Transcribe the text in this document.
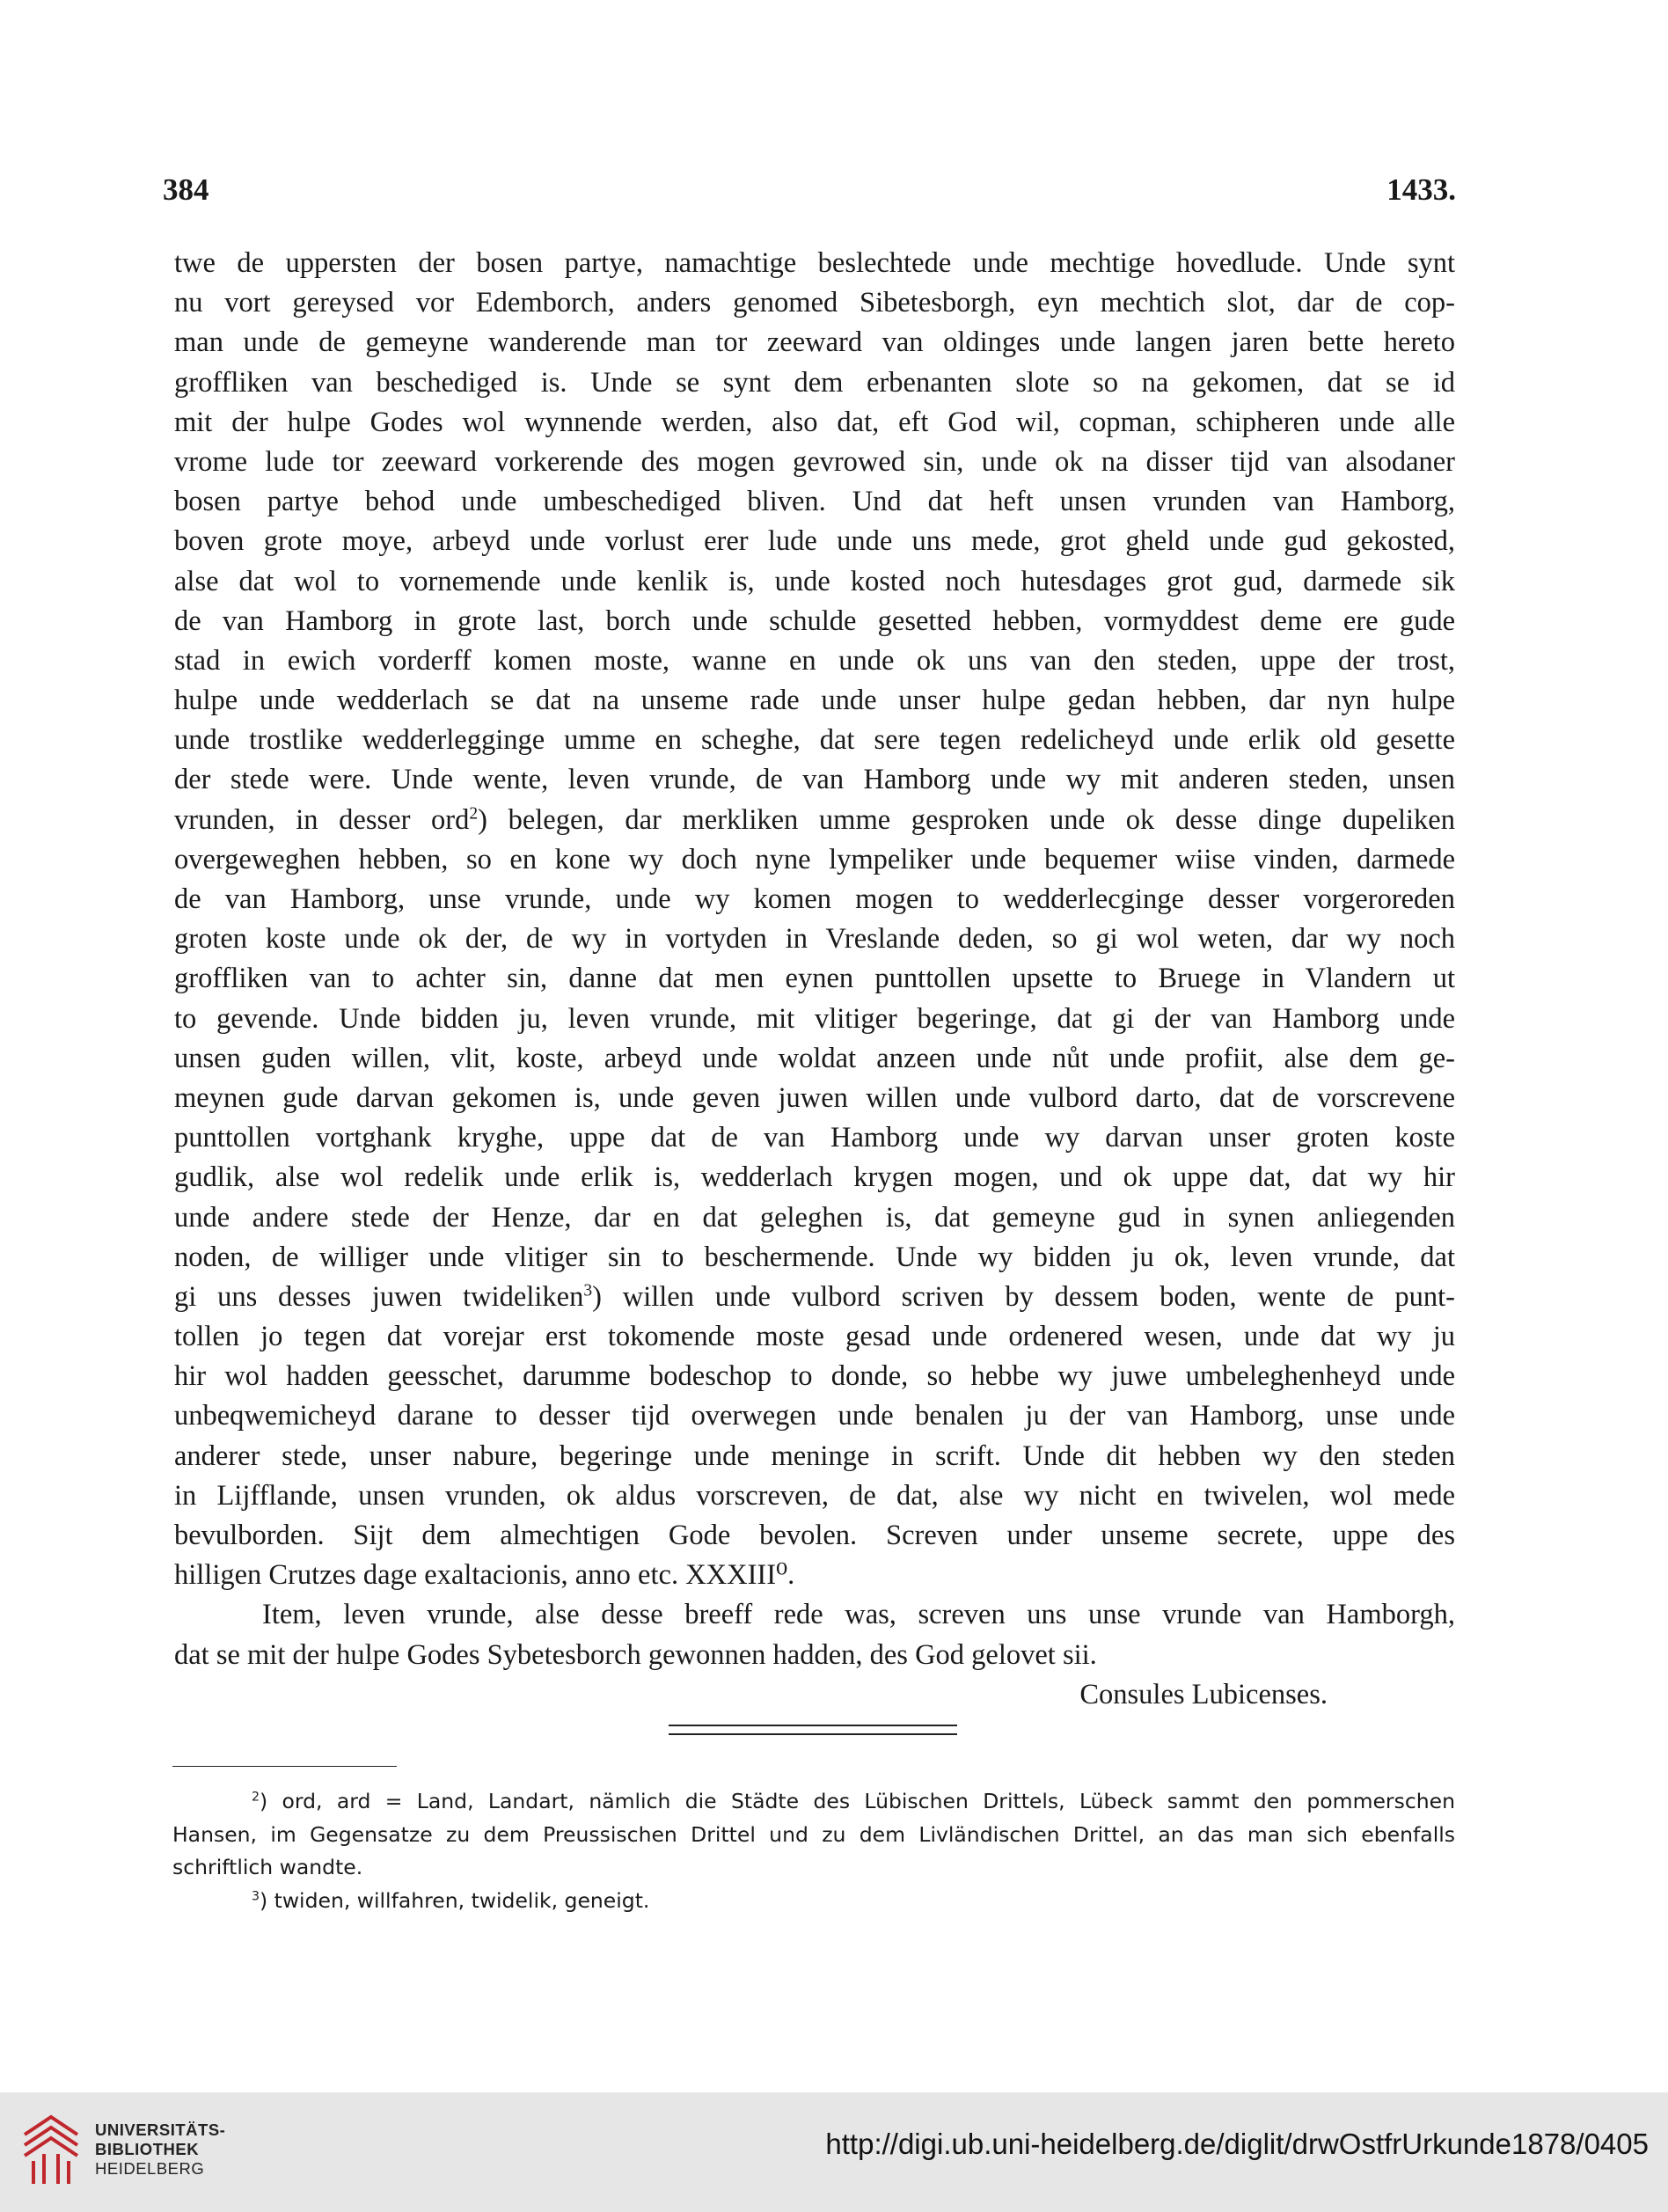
384	1433.
twe de uppersten der bosen partye, namachtige beslechtede unde mechtige hovedlude. Unde synt
nu vort gereysed vor Edemborch, anders genomed Sibetesborgh, eyn mechtich slot, dar de cop-
man unde de gemeyne wanderende man tor zeeward van oldinges unde langen jaren bette hereto
groffliken van beschediged is. Unde se synt dem erbenanten slote so na gekomen, dat se id
mit der hulpe Godes wol wynnende werden, also dat, eft God wil, copman, schipheren unde alle
vrome lude tor zeeward vorkerende des mogen gevrowed sin, unde ok na disser tijd van alsodaner
bosen partye behod unde umbeschediged bliven. Und dat heft unsen vrunden van Hamborg,
boven grote moye, arbeyd unde vorlust erer lude unde uns mede, grot gheld unde gud gekosted,
alse dat wol to vornemende unde kenlik is, unde kosted noch hutesdages grot gud, darmede sik
de van Hamborg in grote last, borch unde schulde gesetted hebben, vormyddest deme ere gude
stad in ewich vorderff komen moste, wanne en unde ok uns van den steden, uppe der trost,
hulpe unde wedderlach se dat na unseme rade unde unser hulpe gedan hebben, dar nyn hulpe
unde trostlike wedderlegginge umme en scheghe, dat sere tegen redelicheyd unde erlik old gesette
der stede were. Unde wente, leven vrunde, de van Hamborg unde wy mit anderen steden, unsen
vrunden, in desser ord$^2$) belegen, dar merkliken umme gesproken unde ok desse dinge dupeliken
overgeweghen hebben, so en kone wy doch nyne lympeliker unde bequemer wiise vinden, darmede
de van Hamborg, unse vrunde, unde wy komen mogen to wedderlecginge desser vorgeroreden
groten koste unde ok der, de wy in vortyden in Vreslande deden, so gi wol weten, dar wy noch
groffliken van to achter sin, danne dat men eynen punttollen upsette to Bruege in Vlandern ut
to gevende. Unde bidden ju, leven vrunde, mit vlitiger begeringe, dat gi der van Hamborg unde
unsen guden willen, vlit, koste, arbeyd unde woldat anzeen unde nůt unde profiit, alse dem ge-
meynen gude darvan gekomen is, unde geven juwen willen unde vulbord darto, dat de vorscrevene
punttollen vortghank kryghe, uppe dat de van Hamborg unde wy darvan unser groten koste
gudlik, alse wol redelik unde erlik is, wedderlach krygen mogen, und ok uppe dat, dat wy hir
unde andere stede der Henze, dar en dat geleghen is, dat gemeyne gud in synen anliegenden
noden, de williger unde vlitiger sin to beschermende. Unde wy bidden ju ok, leven vrunde, dat
gi uns desses juwen twideliken$^3$) willen unde vulbord scriven by dessem boden, wente de punt-
tollen jo tegen dat vorejar erst tokomende moste gesad unde ordenered wesen, unde dat wy ju
hir wol hadden geesschet, darumme bodeschop to donde, so hebbe wy juwe umbeleghenheyd unde
unbeqwemicheyd darane to desser tijd overwegen unde benalen ju der van Hamborg, unse unde
anderer stede, unser nabure, begeringe unde meninge in scrift. Unde dit hebben wy den steden
in Lijfflande, unsen vrunden, ok aldus vorscreven, de dat, alse wy nicht en twivelen, wol mede
bevulborden. Sijt dem almechtigen Gode bevolen. Screven under unseme secrete, uppe des
hilligen Crutzes dage exaltacionis, anno etc. XXXIII⁰.
Item, leven vrunde, alse desse breeff rede was, screven uns unse vrunde van Hamborgh,
dat se mit der hulpe Godes Sybetesborch gewonnen hadden, des God gelovet sii.
Consules Lubicenses.
$^2$) ord, ard = Land, Landart, nämlich die Städte des Lübischen Drittels, Lübeck sammt den pommerschen
Hansen, im Gegensatze zu dem Preussischen Drittel und zu dem Livländischen Drittel, an das man sich ebenfalls
schriftlich wandte.
$^3$) twiden, willfahren, twidelik, geneigt.
UNIVERSITÄTS-
BIBLIOTHEK
HEIDELBERG
http://digi.ub.uni-heidelberg.de/diglit/drwOstfrUrkunde1878/0405
